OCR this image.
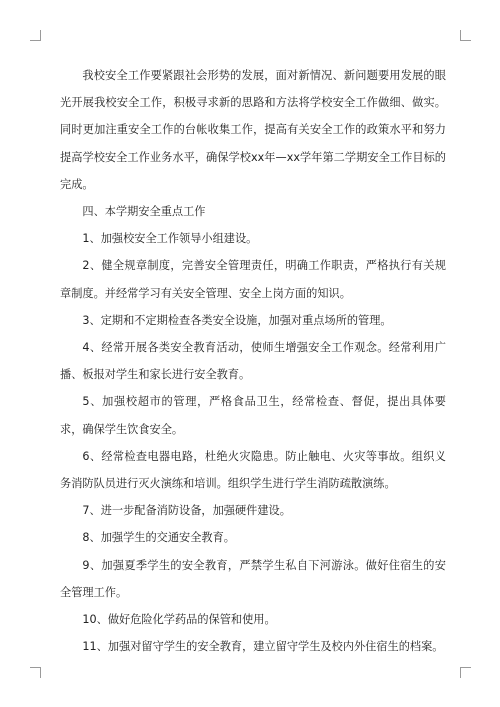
我校安全工作要紧跟社会形势的发展，面对新情况、新问题要用发展的眼光开展我校安全工作，积极寻求新的思路和方法将学校安全工作做细、做实。同时更加注重安全工作的台帐收集工作，提高有关安全工作的政策水平和努力提高学校安全工作业务水平，确保学校xx年—xx学年第二学期安全工作目标的完成。

四、本学期安全重点工作

1、加强校安全工作领导小组建设。

2、健全规章制度，完善安全管理责任，明确工作职责，严格执行有关规章制度。并经常学习有关安全管理、安全上岗方面的知识。

3、定期和不定期检查各类安全设施，加强对重点场所的管理。

4、经常开展各类安全教育活动，使师生增强安全工作观念。经常利用广播、板报对学生和家长进行安全教育。

5、加强校超市的管理，严格食品卫生，经常检查、督促，提出具体要求，确保学生饮食安全。

6、经常检查电器电路，杜绝火灾隐患。防止触电、火灾等事故。组织义务消防队员进行灭火演练和培训。组织学生进行学生消防疏散演练。

7、进一步配备消防设备，加强硬件建设。

8、加强学生的交通安全教育。

9、加强夏季学生的安全教育，严禁学生私自下河游泳。做好住宿生的安全管理工作。

10、做好危险化学药品的保管和使用。

11、加强对留守学生的安全教育，建立留守学生及校内外住宿生的档案。
